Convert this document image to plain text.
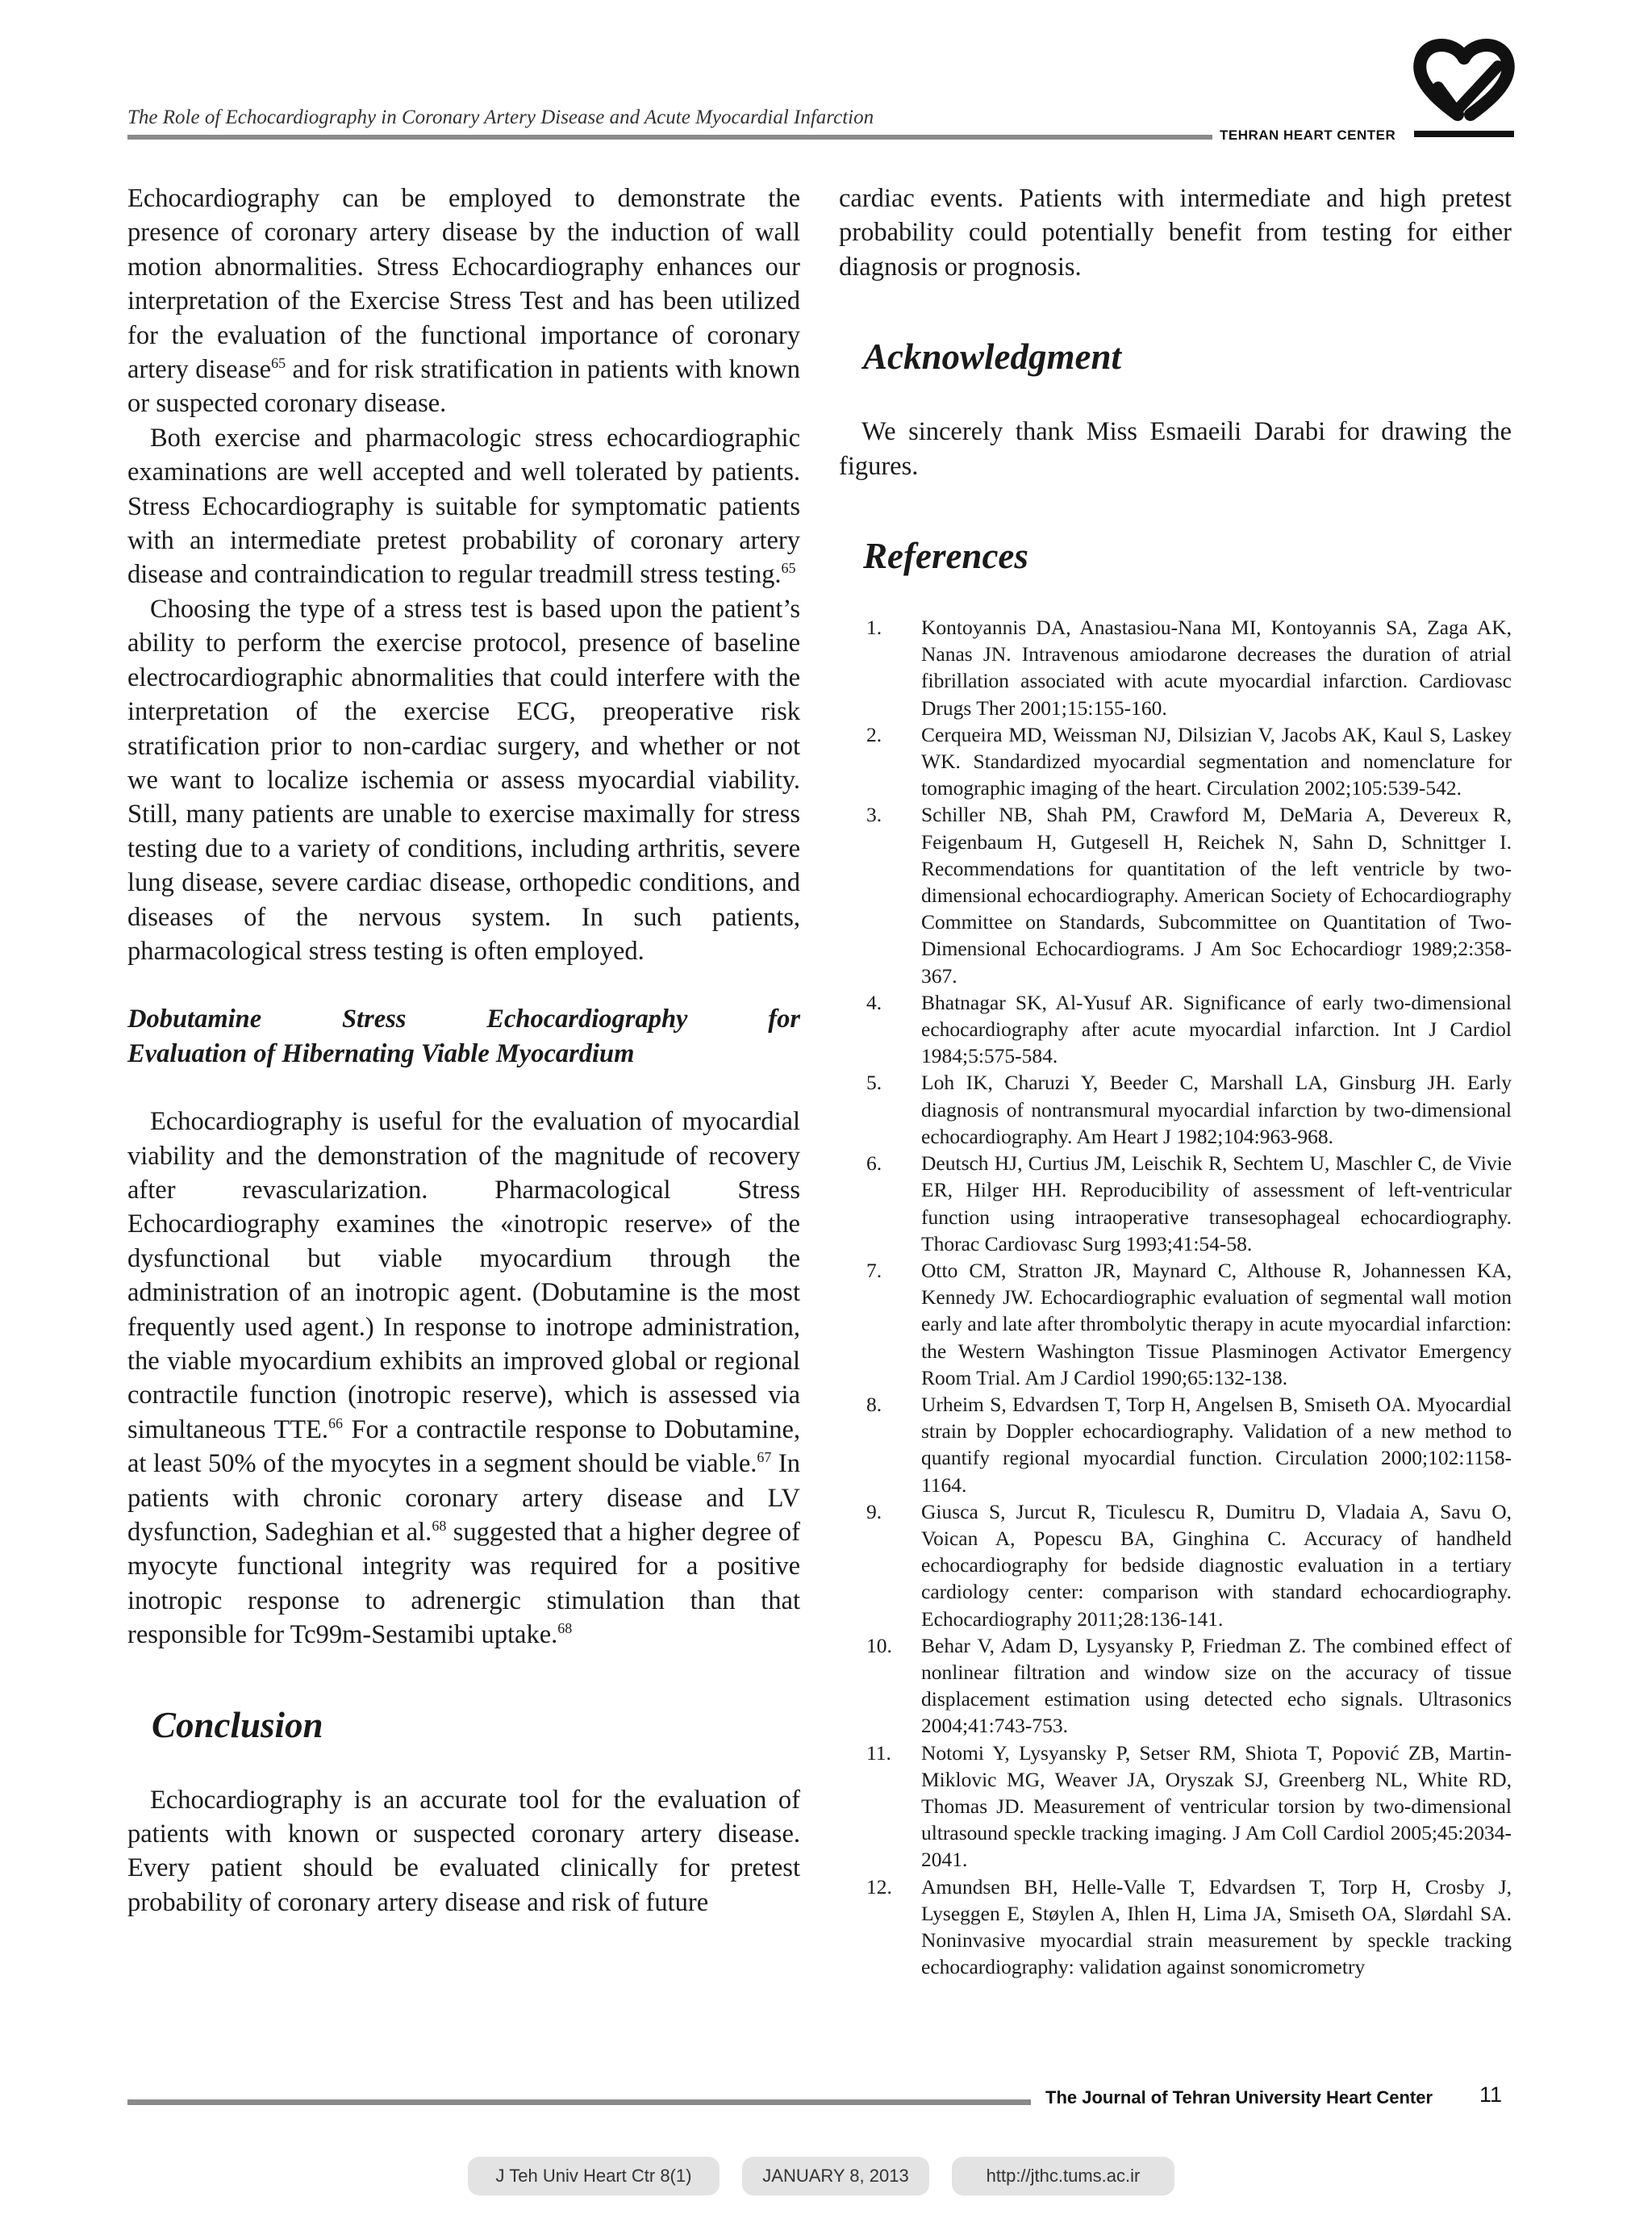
The Role of Echocardiography in Coronary Artery Disease and Acute Myocardial Infarction
TEHRAN HEART CENTER

Echocardiography can be employed to demonstrate the presence of coronary artery disease by the induction of wall motion abnormalities. Stress Echocardiography enhances our interpretation of the Exercise Stress Test and has been utilized for the evaluation of the functional importance of coronary artery disease$^{65}$ and for risk stratification in patients with known or suspected coronary disease.

Both exercise and pharmacologic stress echocardiographic examinations are well accepted and well tolerated by patients. Stress Echocardiography is suitable for symptomatic patients with an intermediate pretest probability of coronary artery disease and contraindication to regular treadmill stress testing.$^{65}$

Choosing the type of a stress test is based upon the patient’s ability to perform the exercise protocol, presence of baseline electrocardiographic abnormalities that could interfere with the interpretation of the exercise ECG, preoperative risk stratification prior to non-cardiac surgery, and whether or not we want to localize ischemia or assess myocardial viability. Still, many patients are unable to exercise maximally for stress testing due to a variety of conditions, including arthritis, severe lung disease, severe cardiac disease, orthopedic conditions, and diseases of the nervous system. In such patients, pharmacological stress testing is often employed.

Dobutamine Stress Echocardiography for
Evaluation of Hibernating Viable Myocardium

Echocardiography is useful for the evaluation of myocardial viability and the demonstration of the magnitude of recovery after revascularization. Pharmacological Stress Echocardiography examines the «inotropic reserve» of the dysfunctional but viable myocardium through the administration of an inotropic agent. (Dobutamine is the most frequently used agent.) In response to inotrope administration, the viable myocardium exhibits an improved global or regional contractile function (inotropic reserve), which is assessed via simultaneous TTE.$^{66}$ For a contractile response to Dobutamine, at least 50% of the myocytes in a segment should be viable.$^{67}$ In patients with chronic coronary artery disease and LV dysfunction, Sadeghian et al.$^{68}$ suggested that a higher degree of myocyte functional integrity was required for a positive inotropic response to adrenergic stimulation than that responsible for Tc99m-Sestamibi uptake.$^{68}$

Conclusion

Echocardiography is an accurate tool for the evaluation of patients with known or suspected coronary artery disease. Every patient should be evaluated clinically for pretest probability of coronary artery disease and risk of future

cardiac events. Patients with intermediate and high pretest probability could potentially benefit from testing for either diagnosis or prognosis.

Acknowledgment

We sincerely thank Miss Esmaeili Darabi for drawing the figures.

References
1. Kontoyannis DA, Anastasiou-Nana MI, Kontoyannis SA, Zaga AK, Nanas JN. Intravenous amiodarone decreases the duration of atrial fibrillation associated with acute myocardial infarction. Cardiovasc Drugs Ther 2001;15:155-160.
2. Cerqueira MD, Weissman NJ, Dilsizian V, Jacobs AK, Kaul S, Laskey WK. Standardized myocardial segmentation and nomenclature for tomographic imaging of the heart. Circulation 2002;105:539-542.
3. Schiller NB, Shah PM, Crawford M, DeMaria A, Devereux R, Feigenbaum H, Gutgesell H, Reichek N, Sahn D, Schnittger I. Recommendations for quantitation of the left ventricle by two-dimensional echocardiography. American Society of Echocardiography Committee on Standards, Subcommittee on Quantitation of Two-Dimensional Echocardiograms. J Am Soc Echocardiogr 1989;2:358-367.
4. Bhatnagar SK, Al-Yusuf AR. Significance of early two-dimensional echocardiography after acute myocardial infarction. Int J Cardiol 1984;5:575-584.
5. Loh IK, Charuzi Y, Beeder C, Marshall LA, Ginsburg JH. Early diagnosis of nontransmural myocardial infarction by two-dimensional echocardiography. Am Heart J 1982;104:963-968.
6. Deutsch HJ, Curtius JM, Leischik R, Sechtem U, Maschler C, de Vivie ER, Hilger HH. Reproducibility of assessment of left-ventricular function using intraoperative transesophageal echocardiography. Thorac Cardiovasc Surg 1993;41:54-58.
7. Otto CM, Stratton JR, Maynard C, Althouse R, Johannessen KA, Kennedy JW. Echocardiographic evaluation of segmental wall motion early and late after thrombolytic therapy in acute myocardial infarction: the Western Washington Tissue Plasminogen Activator Emergency Room Trial. Am J Cardiol 1990;65:132-138.
8. Urheim S, Edvardsen T, Torp H, Angelsen B, Smiseth OA. Myocardial strain by Doppler echocardiography. Validation of a new method to quantify regional myocardial function. Circulation 2000;102:1158-1164.
9. Giusca S, Jurcut R, Ticulescu R, Dumitru D, Vladaia A, Savu O, Voican A, Popescu BA, Ginghina C. Accuracy of handheld echocardiography for bedside diagnostic evaluation in a tertiary cardiology center: comparison with standard echocardiography. Echocardiography 2011;28:136-141.
10. Behar V, Adam D, Lysyansky P, Friedman Z. The combined effect of nonlinear filtration and window size on the accuracy of tissue displacement estimation using detected echo signals. Ultrasonics 2004;41:743-753.
11. Notomi Y, Lysyansky P, Setser RM, Shiota T, Popović ZB, Martin-Miklovic MG, Weaver JA, Oryszak SJ, Greenberg NL, White RD, Thomas JD. Measurement of ventricular torsion by two-dimensional ultrasound speckle tracking imaging. J Am Coll Cardiol 2005;45:2034-2041.
12. Amundsen BH, Helle-Valle T, Edvardsen T, Torp H, Crosby J, Lyseggen E, Støylen A, Ihlen H, Lima JA, Smiseth OA, Slørdahl SA. Noninvasive myocardial strain measurement by speckle tracking echocardiography: validation against sonomicrometry
The Journal of Tehran University Heart Center 11
J Teh Univ Heart Ctr 8(1)	JANUARY 8, 2013	http://jthc.tums.ac.ir
